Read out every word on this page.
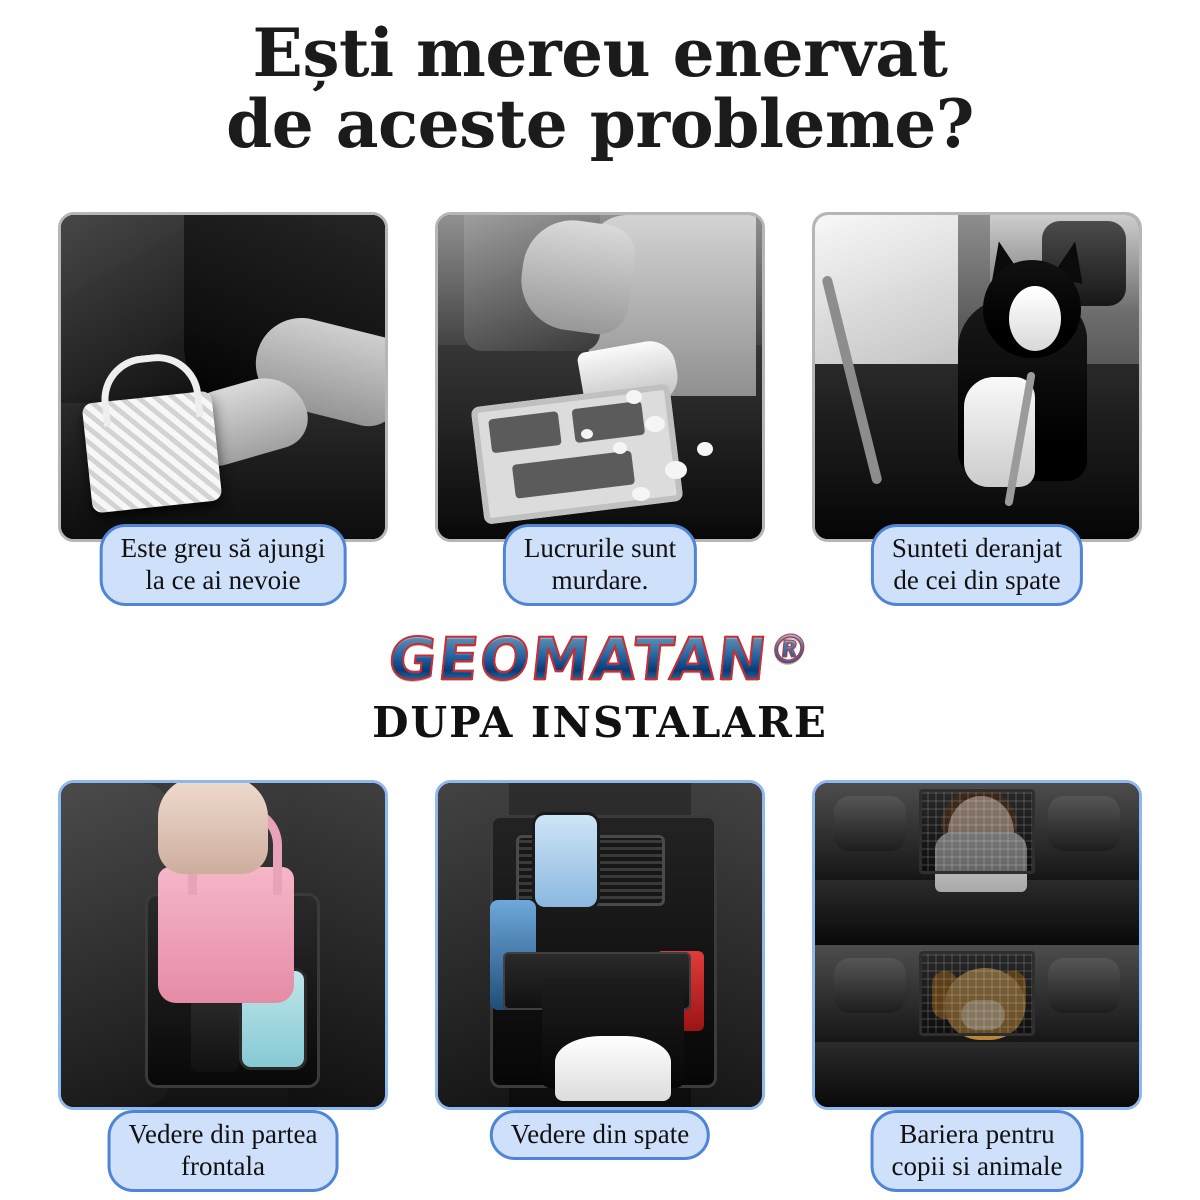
Ești mereu enervat
de aceste probleme?
Este greu să ajungi
la ce ai nevoie
Lucrurile sunt
murdare.
Sunteti deranjat
de cei din spate
GEOMATAN®
DUPA INSTALARE
Vedere din partea
frontala
Vedere din spate	Bariera pentru
copii si animale
